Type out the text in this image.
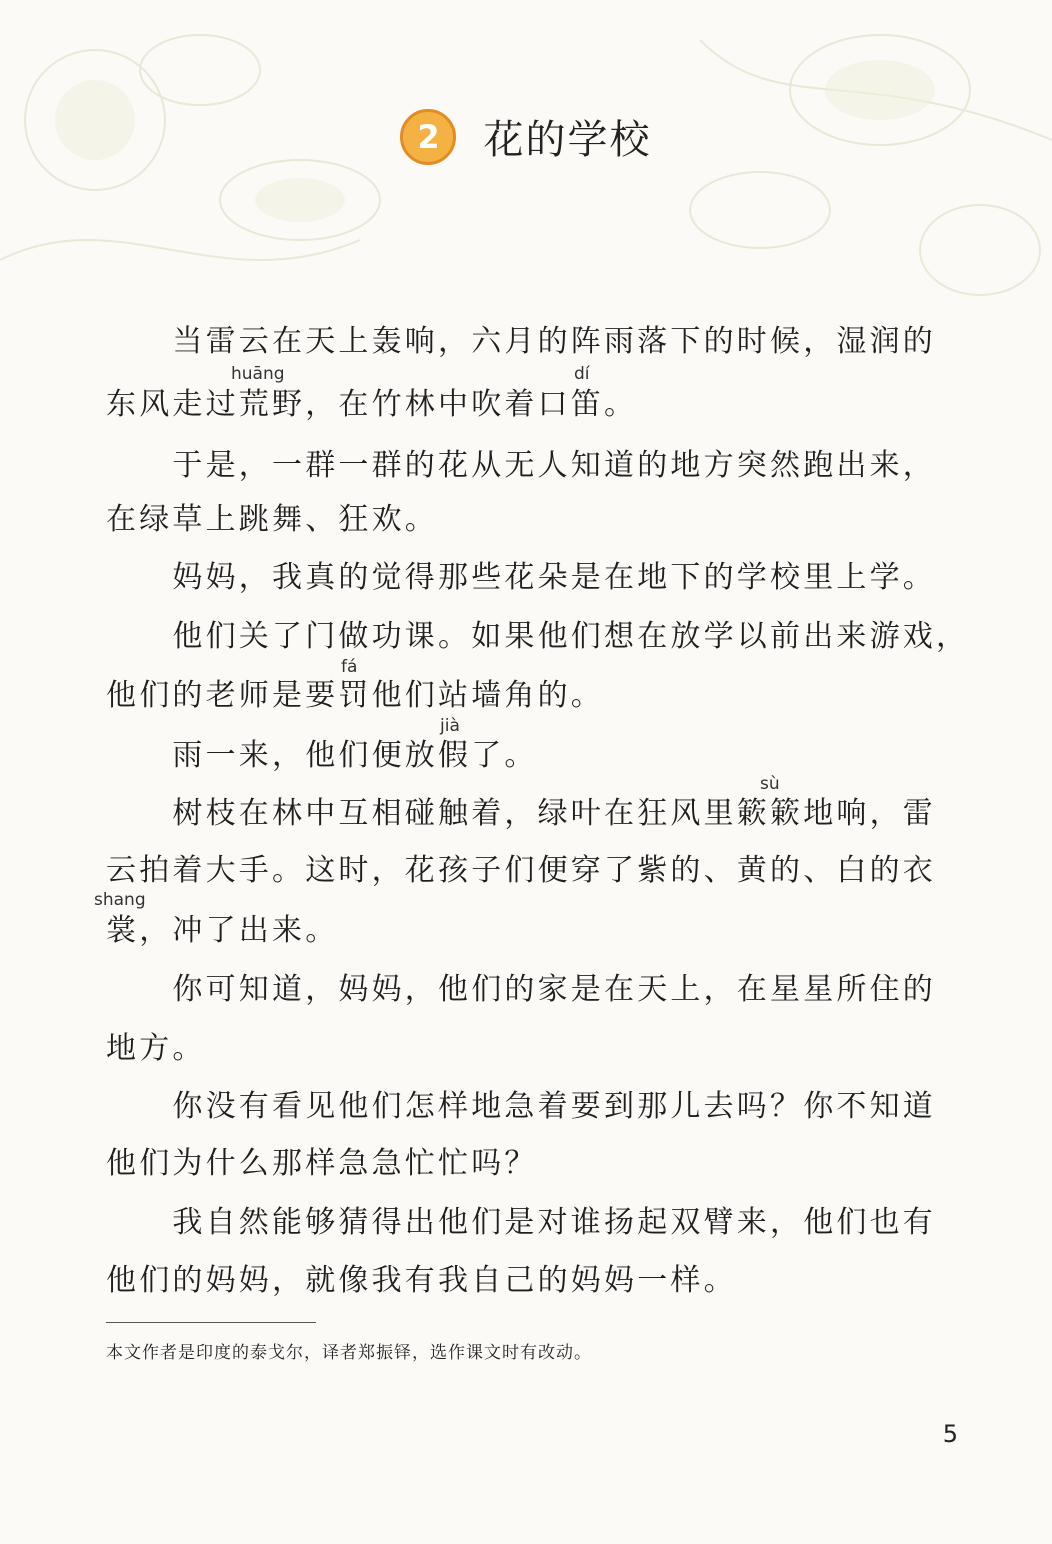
2 花的学校
　　当雷云在天上轰响，六月的阵雨落下的时候，湿润的
huāng	dí
东风走过荒野，在竹林中吹着口笛。
　　于是，一群一群的花从无人知道的地方突然跑出来，
在绿草上跳舞、狂欢。
　　妈妈，我真的觉得那些花朵是在地下的学校里上学。
　　他们关了门做功课。如果他们想在放学以前出来游戏，
fá
他们的老师是要罚他们站墙角的。
jià
　　雨一来，他们便放假了。
sù
　　树枝在林中互相碰触着，绿叶在狂风里簌簌地响，雷
云拍着大手。这时，花孩子们便穿了紫的、黄的、白的衣
shang
裳，冲了出来。
　　你可知道，妈妈，他们的家是在天上，在星星所住的
地方。
　　你没有看见他们怎样地急着要到那儿去吗？你不知道
他们为什么那样急急忙忙吗？
　　我自然能够猜得出他们是对谁扬起双臂来，他们也有
他们的妈妈，就像我有我自己的妈妈一样。
本文作者是印度的泰戈尔，译者郑振铎，选作课文时有改动。
5
